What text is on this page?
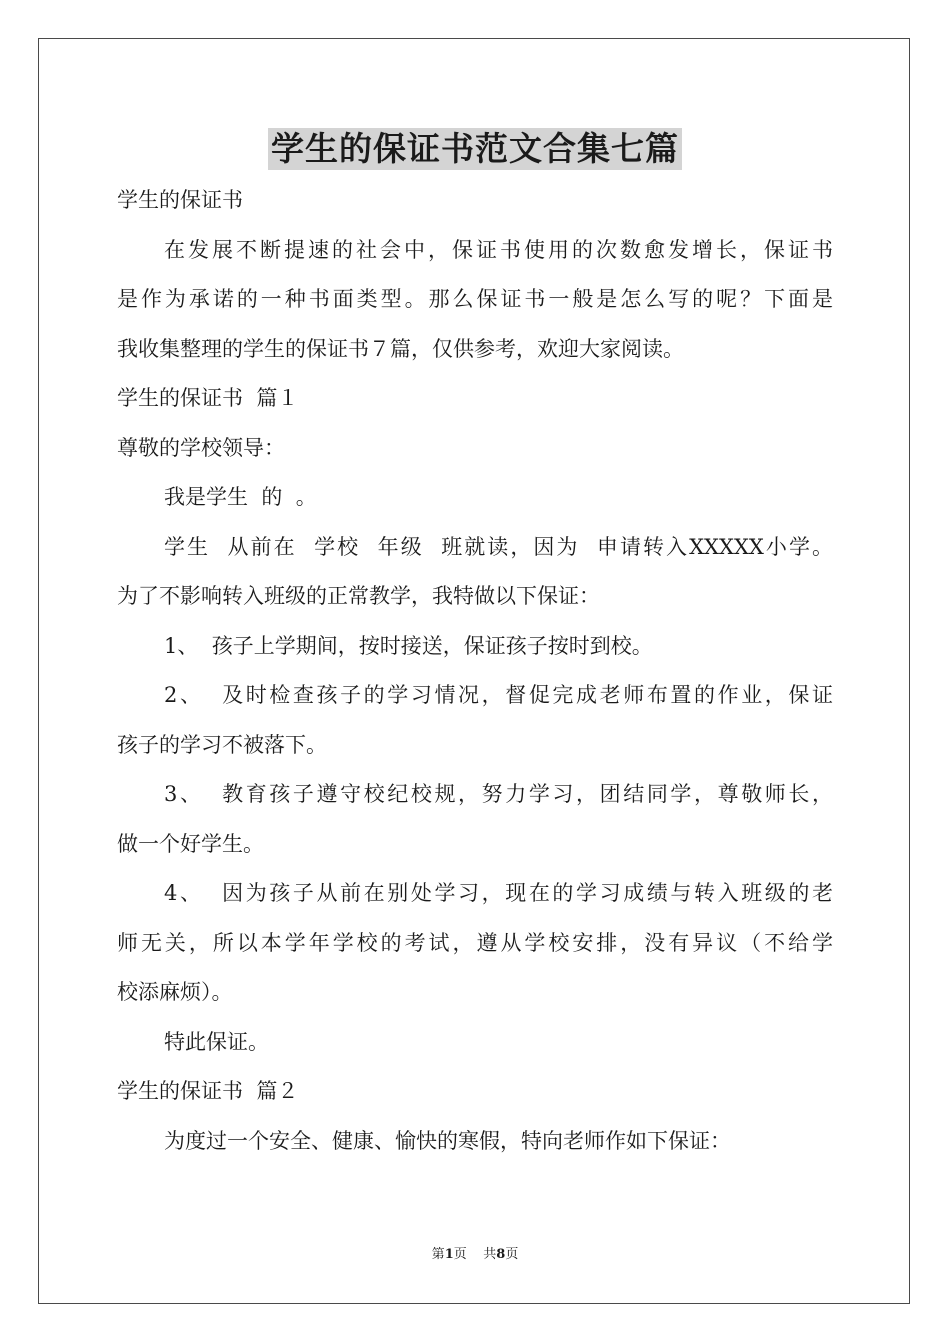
学生的保证书范文合集七篇
学生的保证书
在发展不断提速的社会中，保证书使用的次数愈发增长，保证书
是作为承诺的一种书面类型。那么保证书一般是怎么写的呢？下面是
我收集整理的学生的保证书７篇，仅供参考，欢迎大家阅读。
学生的保证书  篇１
尊敬的学校领导：
我是学生  的  。
学生  从前在  学校  年级  班就读，因为  申请转入XXXXX小学。
为了不影响转入班级的正常教学，我特做以下保证：
1、  孩子上学期间，按时接送，保证孩子按时到校。
2、  及时检查孩子的学习情况，督促完成老师布置的作业，保证
孩子的学习不被落下。
3、  教育孩子遵守校纪校规，努力学习，团结同学，尊敬师长，
做一个好学生。
4、  因为孩子从前在别处学习，现在的学习成绩与转入班级的老
师无关，所以本学年学校的考试，遵从学校安排，没有异议（不给学
校添麻烦）。
特此保证。
学生的保证书  篇２
为度过一个安全、健康、愉快的寒假，特向老师作如下保证：
第1页    共8页
